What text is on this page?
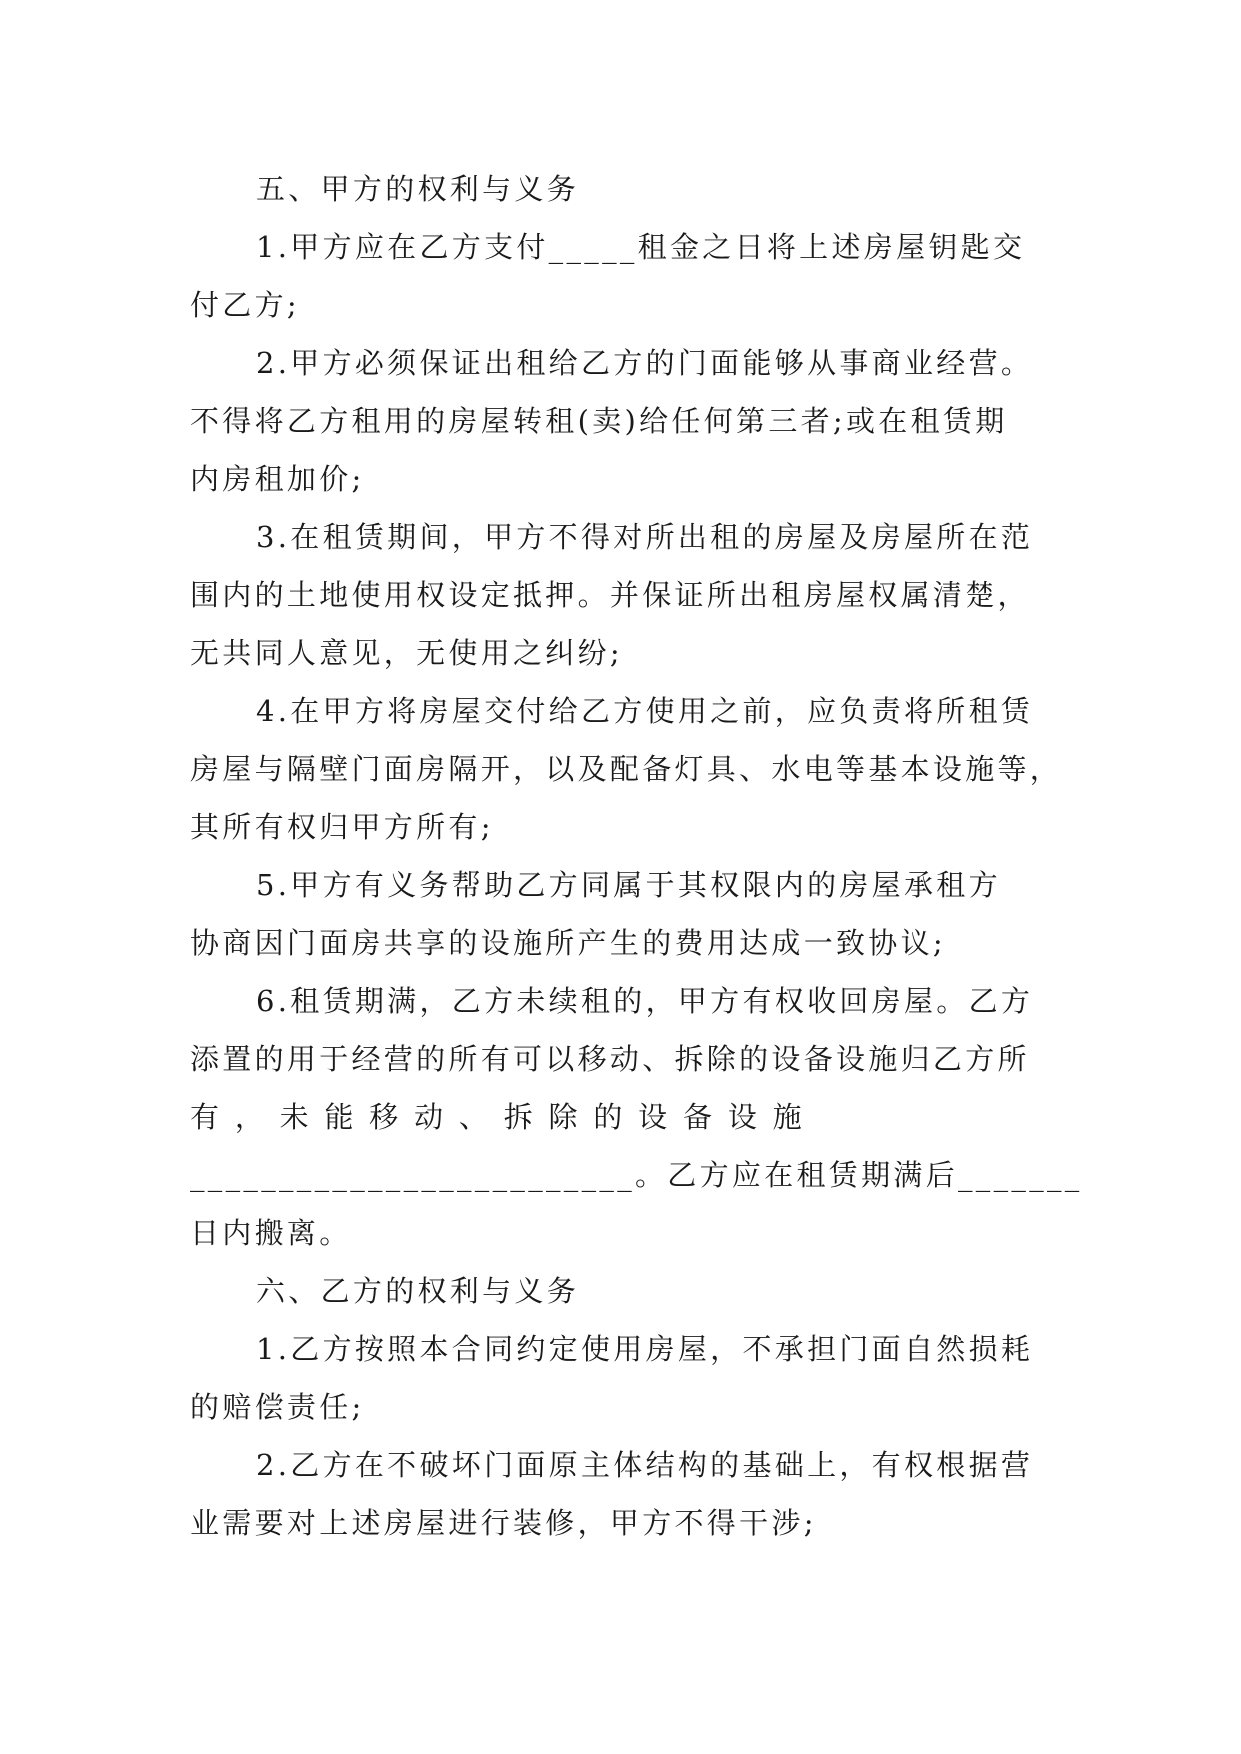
五、甲方的权利与义务
1.甲方应在乙方支付_____租金之日将上述房屋钥匙交
付乙方;
2.甲方必须保证出租给乙方的门面能够从事商业经营。
不得将乙方租用的房屋转租(卖)给任何第三者;或在租赁期
内房租加价;
3.在租赁期间，甲方不得对所出租的房屋及房屋所在范
围内的土地使用权设定抵押。并保证所出租房屋权属清楚，
无共同人意见，无使用之纠纷;
4.在甲方将房屋交付给乙方使用之前，应负责将所租赁
房屋与隔壁门面房隔开，以及配备灯具、水电等基本设施等，
其所有权归甲方所有;
5.甲方有义务帮助乙方同属于其权限内的房屋承租方
协商因门面房共享的设施所产生的费用达成一致协议;
6.租赁期满，乙方未续租的，甲方有权收回房屋。乙方
添置的用于经营的所有可以移动、拆除的设备设施归乙方所
有 ， 未 能 移 动 、 拆 除 的 设 备 设 施
_________________________。乙方应在租赁期满后_______
日内搬离。
六、乙方的权利与义务
1.乙方按照本合同约定使用房屋，不承担门面自然损耗
的赔偿责任;
2.乙方在不破坏门面原主体结构的基础上，有权根据营
业需要对上述房屋进行装修，甲方不得干涉;
